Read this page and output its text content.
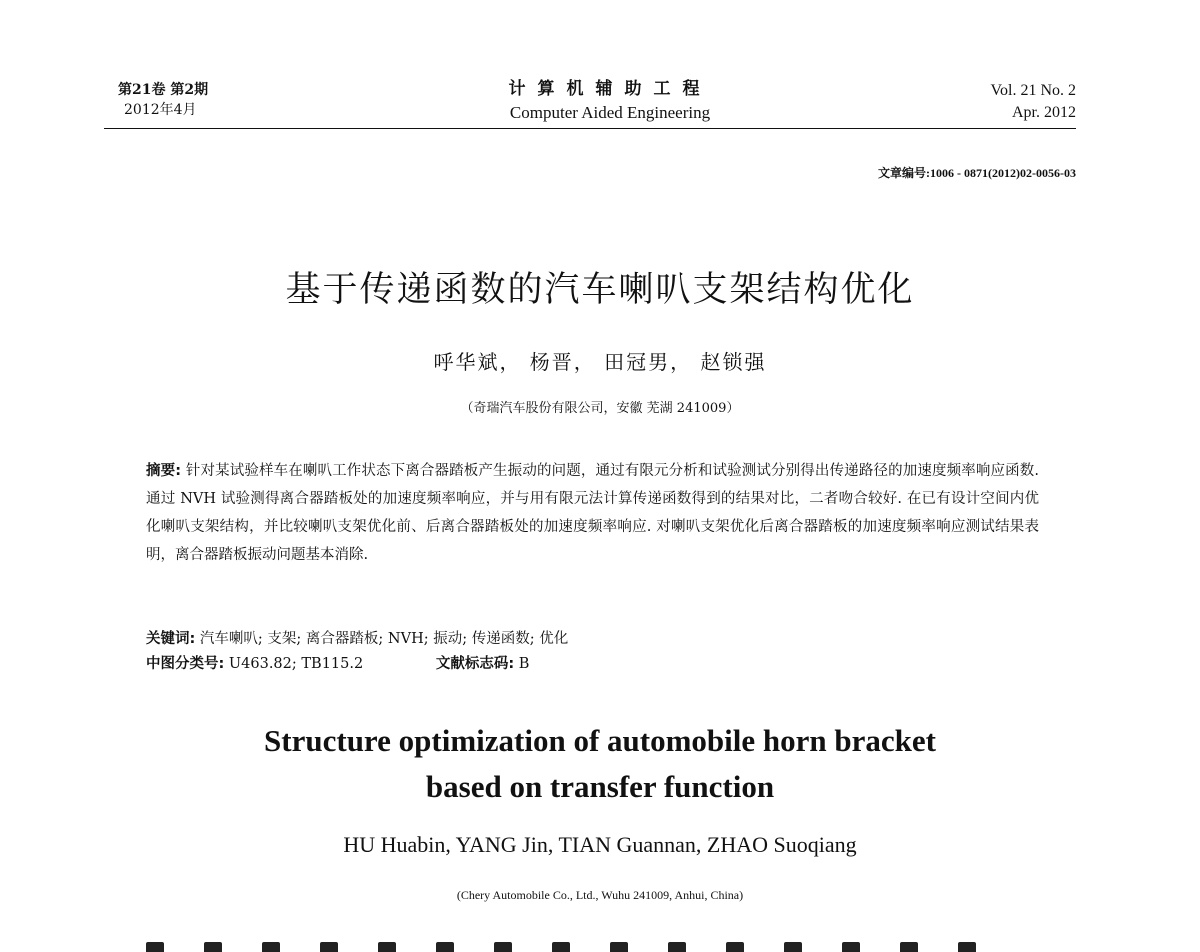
第21卷 第2期
2012年4月
计算机辅助工程
Computer Aided Engineering
Vol. 21 No. 2
Apr. 2012
文章编号:1006 - 0871(2012)02-0056-03
基于传递函数的汽车喇叭支架结构优化
呼华斌， 杨晋， 田冠男， 赵锁强
（奇瑞汽车股份有限公司，安徽 芜湖 241009）
摘要: 针对某试验样车在喇叭工作状态下离合器踏板产生振动的问题，通过有限元分析和试验测试分别得出传递路径的加速度频率响应函数. 通过 NVH 试验测得离合器踏板处的加速度频率响应，并与用有限元法计算传递函数得到的结果对比，二者吻合较好. 在已有设计空间内优化喇叭支架结构，并比较喇叭支架优化前、后离合器踏板处的加速度频率响应. 对喇叭支架优化后离合器踏板的加速度频率响应测试结果表明，离合器踏板振动问题基本消除.
关键词: 汽车喇叭; 支架; 离合器踏板; NVH; 振动; 传递函数; 优化
中图分类号: U463.82; TB115.2	文献标志码: B
Structure optimization of automobile horn bracket
based on transfer function
HU Huabin, YANG Jin, TIAN Guannan, ZHAO Suoqiang
(Chery Automobile Co., Ltd., Wuhu 241009, Anhui, China)
